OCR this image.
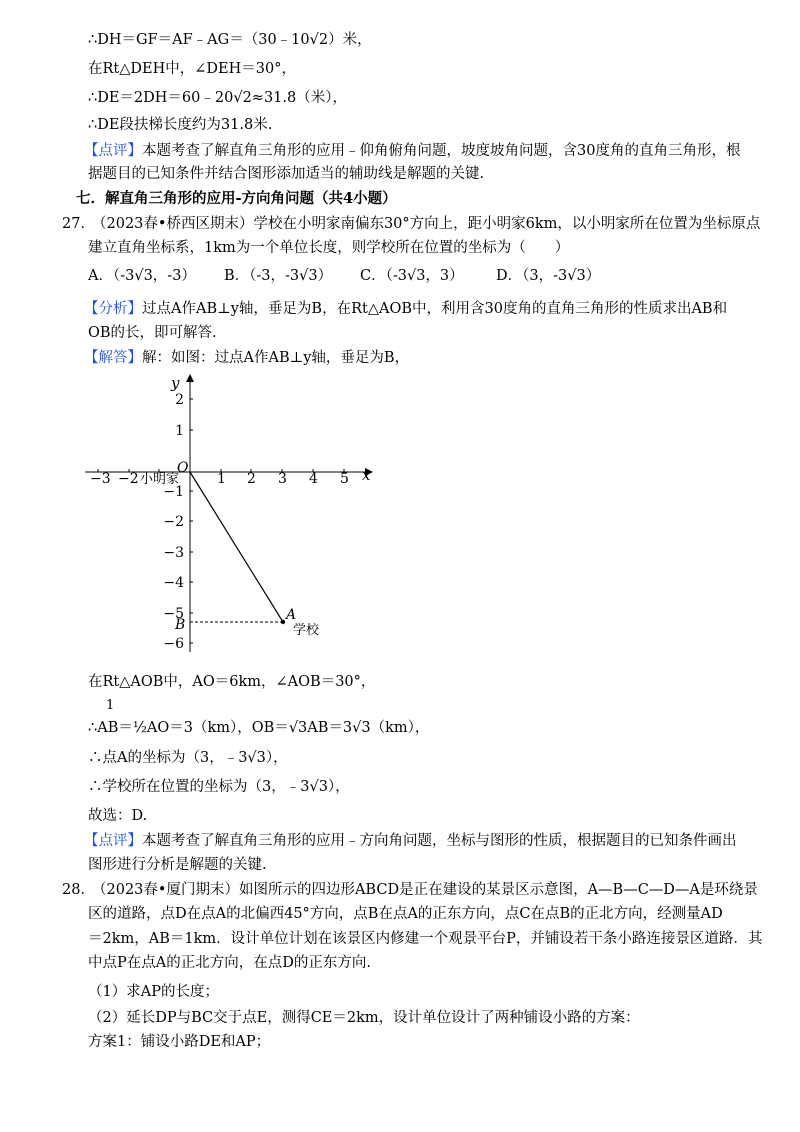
∴DH＝GF＝AF﹣AG＝（30﹣10√2）米，
在Rt△DEH中，∠DEH＝30°，
∴DE＝2DH＝60﹣20√2≈31.8（米），
∴DE段扶梯长度约为31.8米.
【点评】本题考查了解直角三角形的应用﹣仰角俯角问题，坡度坡角问题，含30度角的直角三角形，根
据题目的已知条件并结合图形添加适当的辅助线是解题的关键.
七．解直角三角形的应用-方向角问题（共4小题）
27．
（2023春•桥西区期末）学校在小明家南偏东30°方向上，距小明家6km，以小明家所在位置为坐标原点
建立直角坐标系，1km为一个单位长度，则学校所在位置的坐标为（　　）
A．（-3√3，-3） B．（-3，-3√3） C．（-3√3，3） D．（3，-3√3）
【分析】过点A作AB⊥y轴，垂足为B，在Rt△AOB中，利用含30度角的直角三角形的性质求出AB和
OB的长，即可解答.
【解答】解：如图：过点A作AB⊥y轴，垂足为B，
−3 −2	1 2 3 4 5
2
1
−1
−2
−3
−4
−5
−6
x
y
O
小明家
A
B	学校
在Rt△AOB中，AO＝6km，∠AOB＝30°，
1
∴AB＝½AO＝3（km），OB＝√3AB＝3√3（km），
∴点A的坐标为（3，﹣3√3），
∴学校所在位置的坐标为（3，﹣3√3），
故选：D.
【点评】本题考查了解直角三角形的应用﹣方向角问题，坐标与图形的性质，根据题目的已知条件画出
图形进行分析是解题的关键.
28．
（2023春•厦门期末）如图所示的四边形ABCD是正在建设的某景区示意图，A—B—C—D—A是环绕景
区的道路，点D在点A的北偏西45°方向，点B在点A的正东方向，点C在点B的正北方向，经测量AD
＝2km，AB＝1km．设计单位计划在该景区内修建一个观景平台P，并铺设若干条小路连接景区道路．其
中点P在点A的正北方向，在点D的正东方向.
（1）求AP的长度；
（2）延长DP与BC交于点E，测得CE＝2km，设计单位设计了两种铺设小路的方案：
方案1：铺设小路DE和AP；
